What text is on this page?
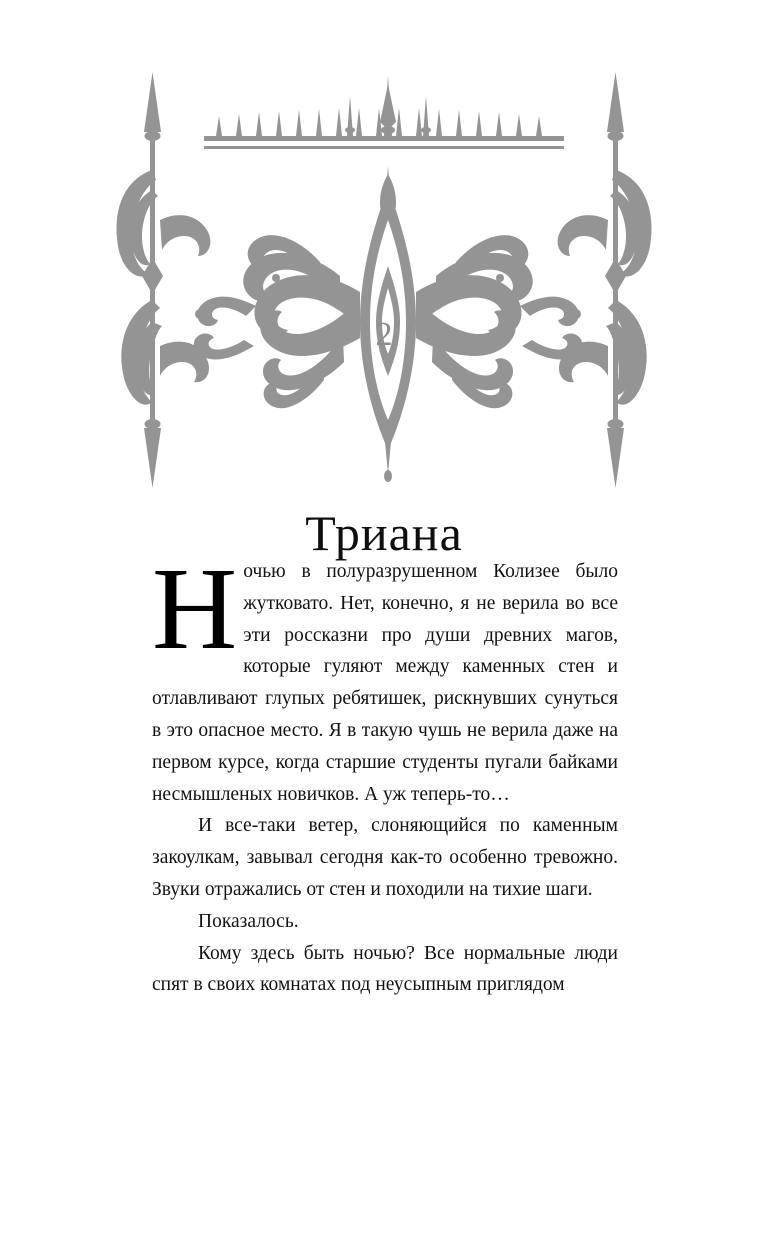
2
Триана

Ночью в полуразрушенном Колизее было жутковато. Нет, конечно, я не верила во все эти россказни про души древних магов, которые гуляют между каменных стен и отлавливают глупых ребятишек, рискнувших сунуться в это опасное место. Я в такую чушь не верила даже на первом курсе, когда старшие студенты пугали байками несмышленых новичков. А уж теперь-то…

И все-таки ветер, слоняющийся по каменным закоулкам, завывал сегодня как-то особенно тревожно. Звуки отражались от стен и походили на тихие шаги.

Показалось.

Кому здесь быть ночью? Все нормальные люди спят в своих комнатах под неусыпным приглядом
